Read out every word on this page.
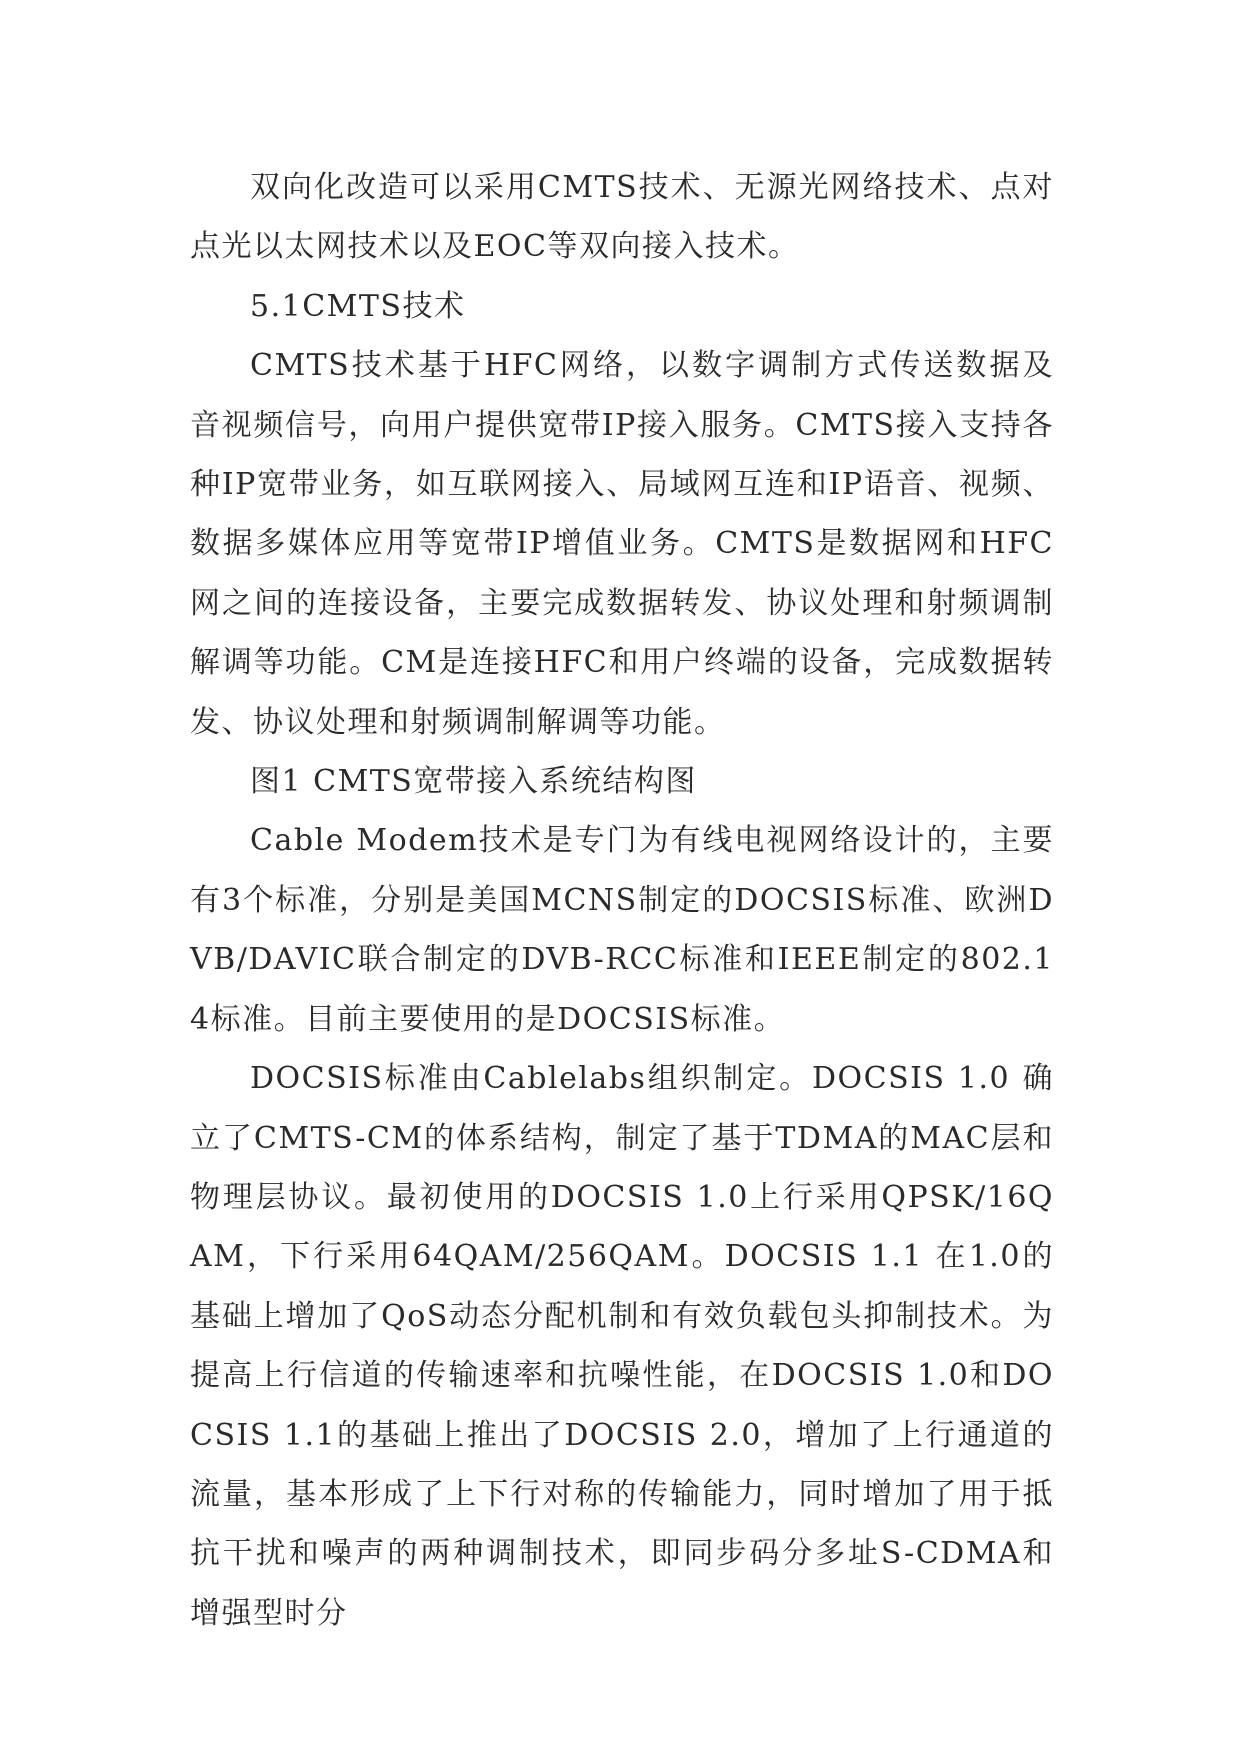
双向化改造可以采用CMTS技术、无源光网络技术、点对点光以太网技术以及EOC等双向接入技术。

5.1CMTS技术

CMTS技术基于HFC网络，以数字调制方式传送数据及音视频信号，向用户提供宽带IP接入服务。CMTS接入支持各种IP宽带业务，如互联网接入、局域网互连和IP语音、视频、数据多媒体应用等宽带IP增值业务。CMTS是数据网和HFC网之间的连接设备，主要完成数据转发、协议处理和射频调制解调等功能。CM是连接HFC和用户终端的设备，完成数据转发、协议处理和射频调制解调等功能。

图1 CMTS宽带接入系统结构图

Cable Modem技术是专门为有线电视网络设计的，主要有3个标准，分别是美国MCNS制定的DOCSIS标准、欧洲DVB/DAVIC联合制定的DVB-RCC标准和IEEE制定的802.14标准。目前主要使用的是DOCSIS标准。

DOCSIS标准由Cablelabs组织制定。DOCSIS 1.0 确立了CMTS-CM的体系结构，制定了基于TDMA的MAC层和物理层协议。最初使用的DOCSIS 1.0上行采用QPSK/16QAM，下行采用64QAM/256QAM。DOCSIS 1.1 在1.0的基础上增加了QoS动态分配机制和有效负载包头抑制技术。为提高上行信道的传输速率和抗噪性能，在DOCSIS 1.0和DOCSIS 1.1的基础上推出了DOCSIS 2.0，增加了上行通道的流量，基本形成了上下行对称的传输能力，同时增加了用于抵抗干扰和噪声的两种调制技术，即同步码分多址S-CDMA和增强型时分
